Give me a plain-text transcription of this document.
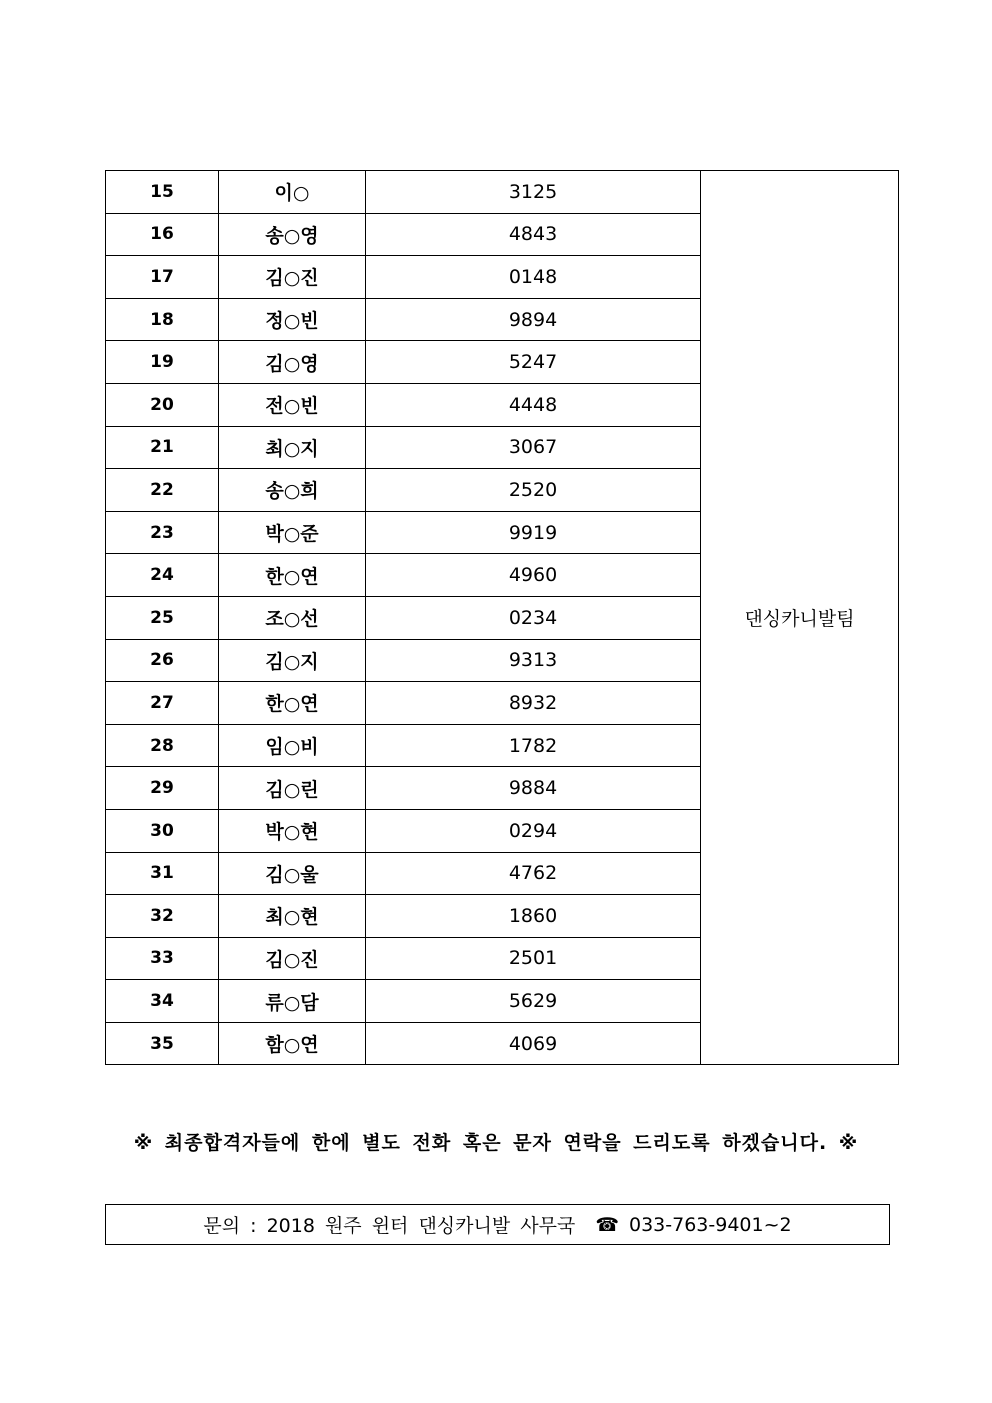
15	이○	3125	댄싱카니발팀
16	송○영	4843	
17	김○진	0148	
18	정○빈	9894	
19	김○영	5247	
20	전○빈	4448	
21	최○지	3067	
22	송○희	2520	
23	박○준	9919	
24	한○연	4960	
25	조○선	0234	
26	김○지	9313	
27	한○연	8932	
28	임○비	1782	
29	김○린	9884	
30	박○현	0294	
31	김○울	4762	
32	최○현	1860	
33	김○진	2501	
34	류○담	5629	
35	함○연	4069	
※ 최종합격자들에 한에 별도 전화 혹은 문자 연락을 드리도록 하겠습니다. ※
문의 : 2018 원주 윈터 댄싱카니발 사무국 ☎ 033-763-9401~2
